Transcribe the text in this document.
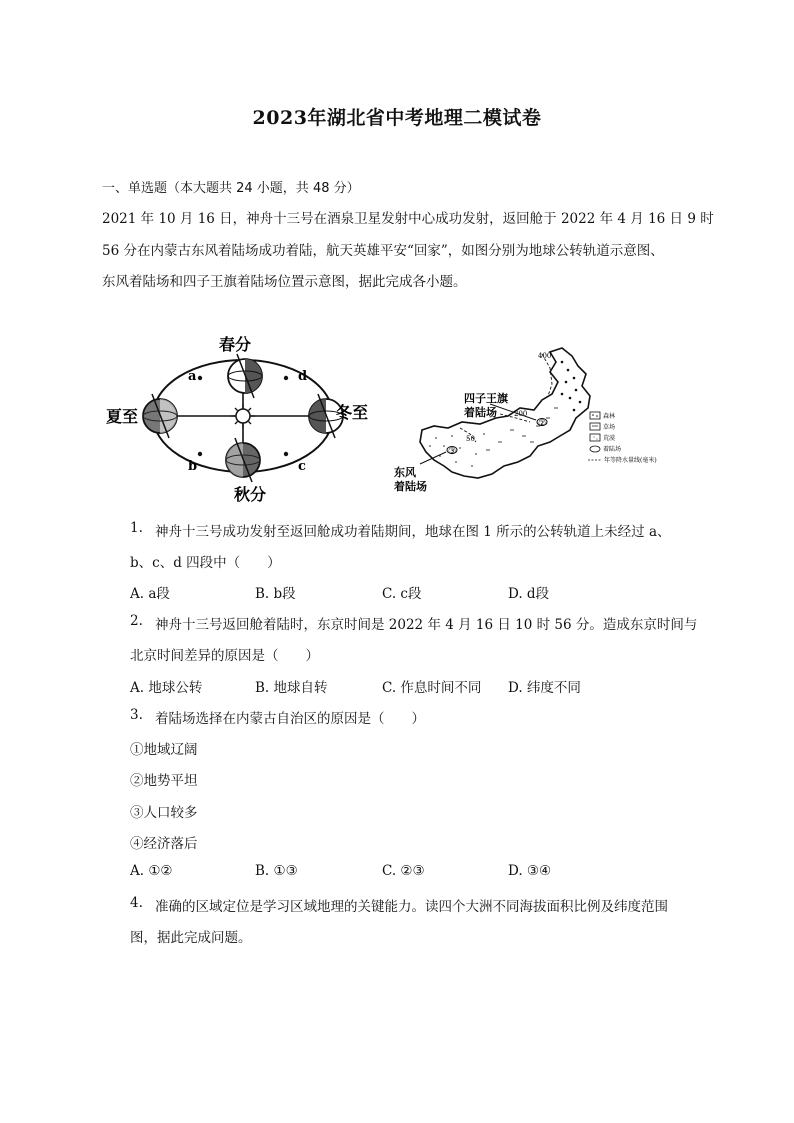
2023年湖北省中考地理二模试卷
一、单选题（本大题共 24 小题，共 48 分）
2021 年 10 月 16 日，神舟十三号在酒泉卫星发射中心成功发射，返回舱于 2022 年 4 月 16 日 9 时
56 分在内蒙古东风着陆场成功着陆，航天英雄平安“回家”，如图分别为地球公转轨道示意图、
东风着陆场和四子王旗着陆场位置示意图，据此完成各小题。
春分
夏至	冬至
秋分
a	d
b	c
400
200
50
②
③
四子王旗
着陆场
东风
着陆场
森林
草场
荒漠
着陆场
年等降水量线(毫米)
1. 神舟十三号成功发射至返回舱成功着陆期间，地球在图 1 所示的公转轨道上未经过 a、
b、c、d 四段中（　　）
A. a段	B. b段	C. c段	D. d段
2. 神舟十三号返回舱着陆时，东京时间是 2022 年 4 月 16 日 10 时 56 分。造成东京时间与
北京时间差异的原因是（　　）
A. 地球公转	B. 地球自转	C. 作息时间不同 D. 纬度不同
3. 着陆场选择在内蒙古自治区的原因是（　　）
①地域辽阔
②地势平坦
③人口较多
④经济落后
A. ①②	B. ①③	C. ②③	D. ③④
4. 准确的区域定位是学习区域地理的关键能力。读四个大洲不同海拔面积比例及纬度范围
图，据此完成问题。
